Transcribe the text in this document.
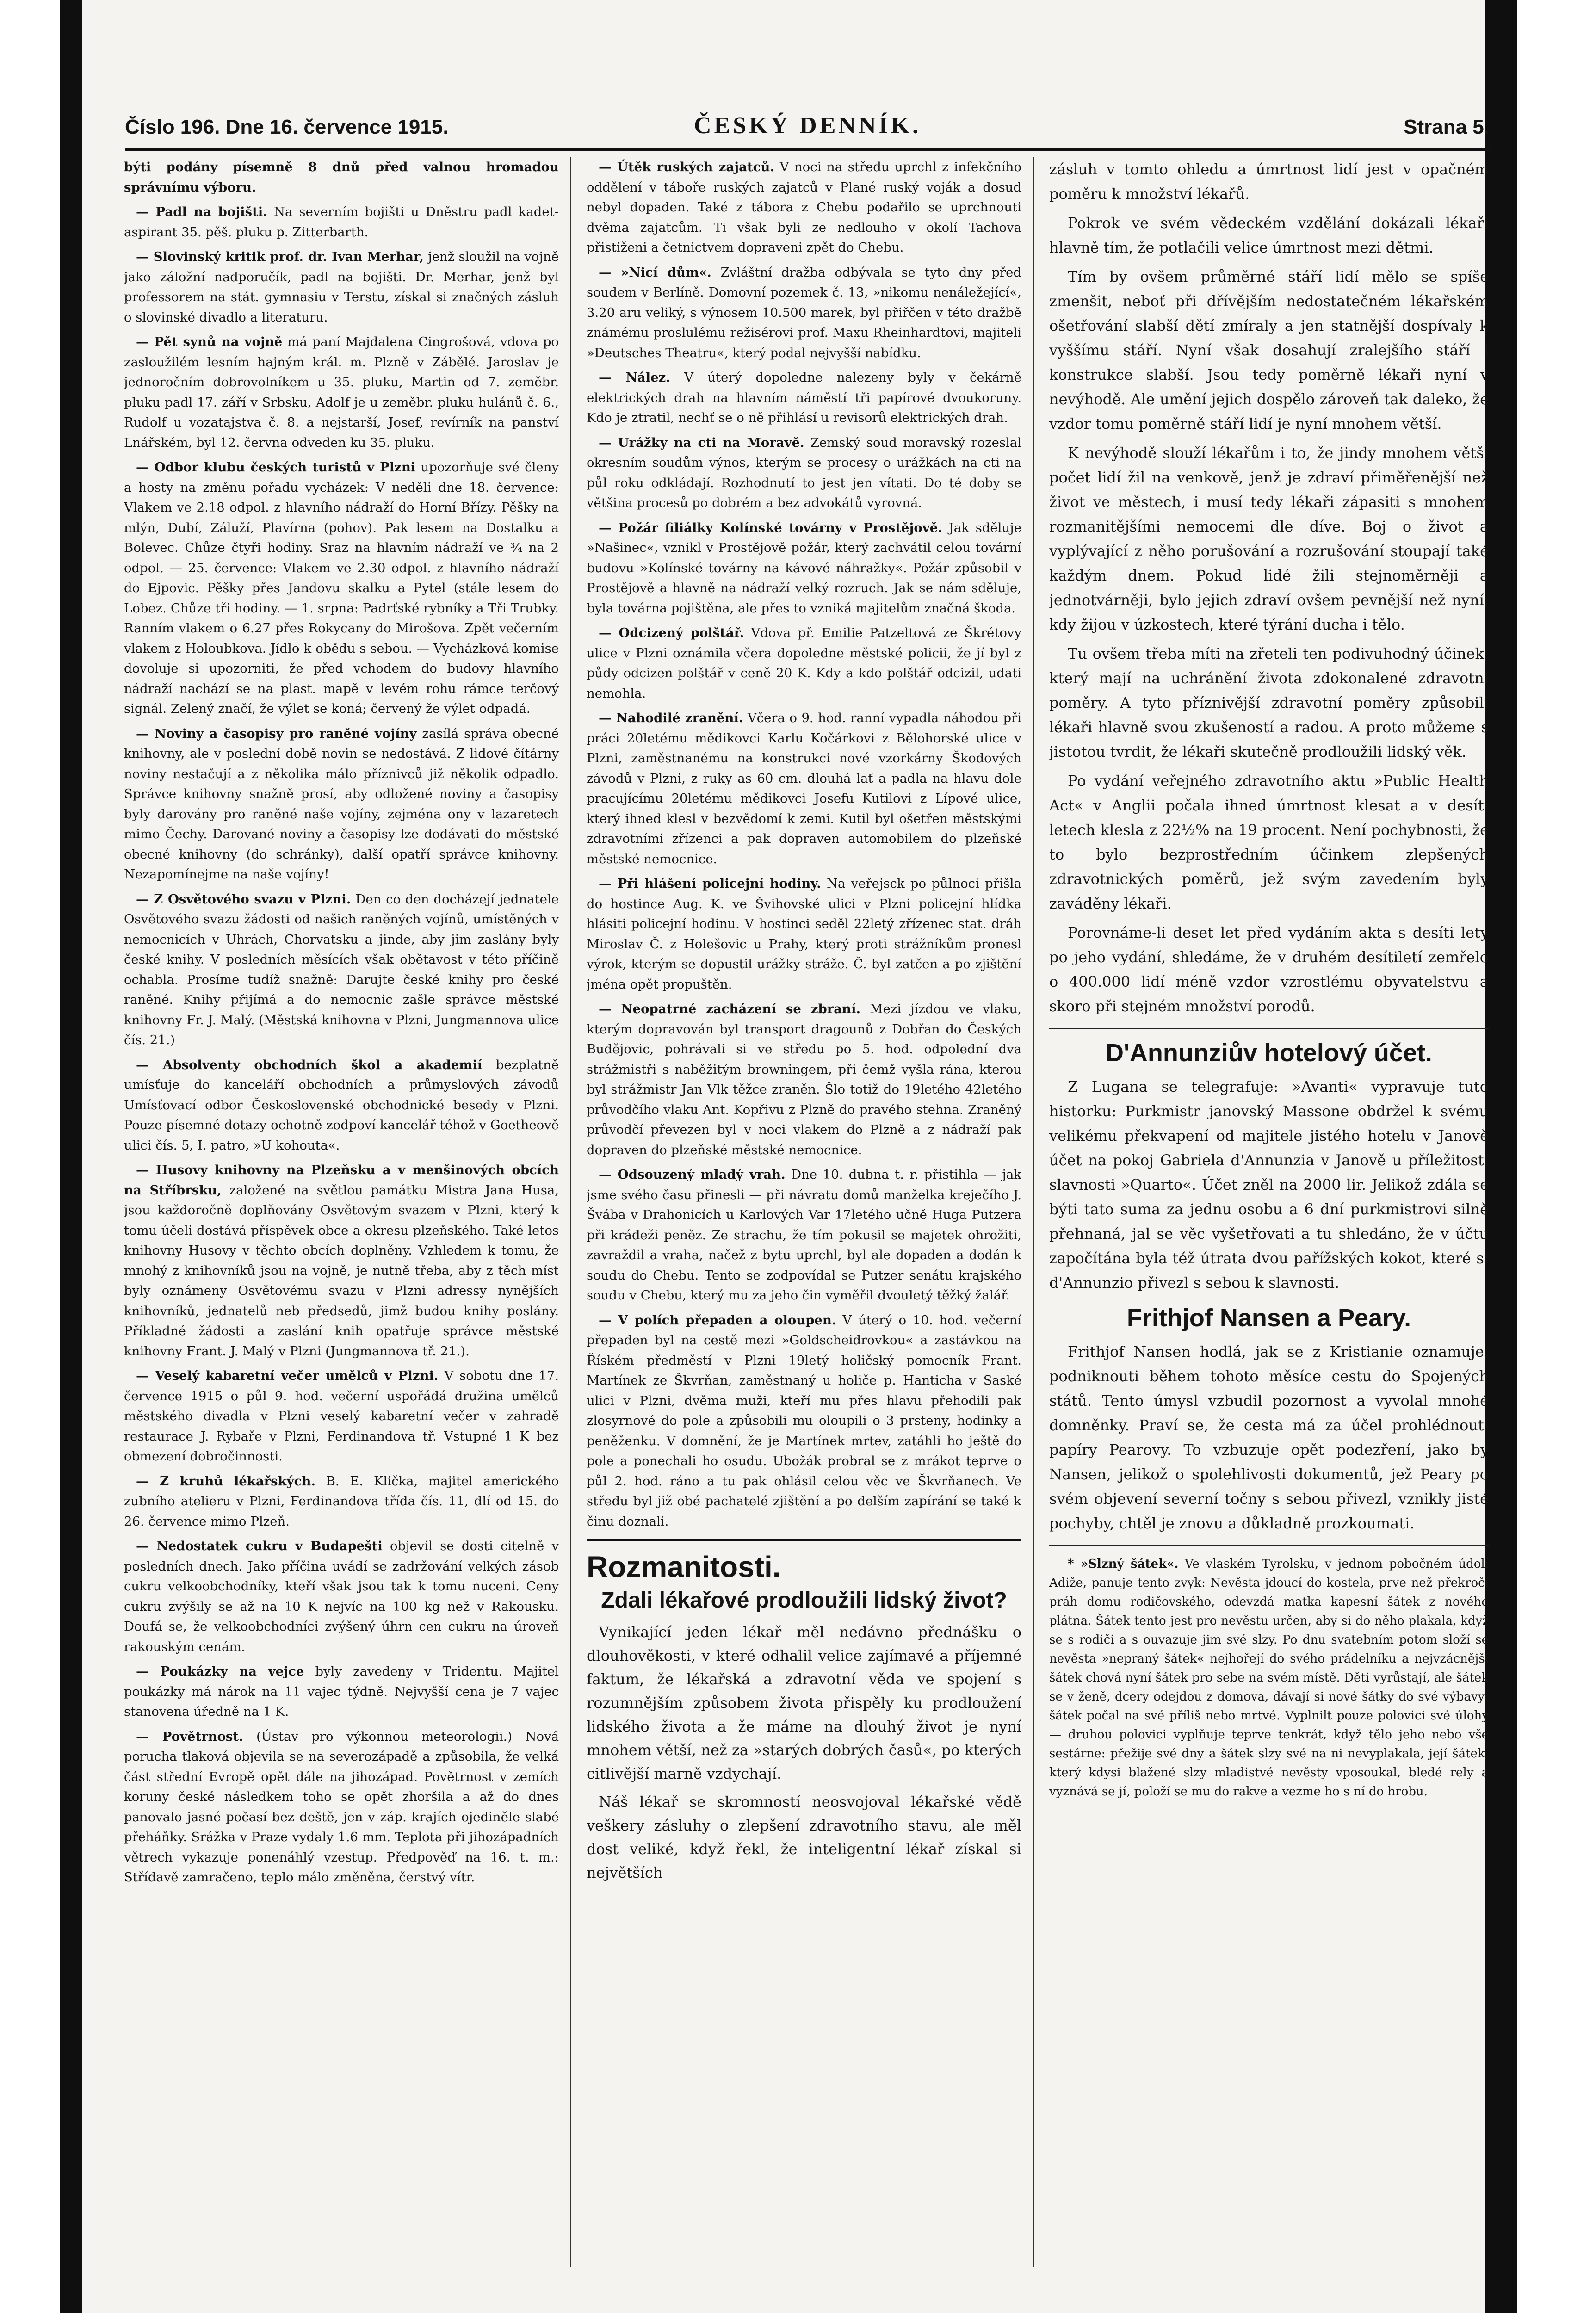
Číslo 196. Dne 16. července 1915.	ČESKÝ DENNÍK.	Strana 5.

býti podány písemně 8 dnů před valnou hromadou správnímu výboru.

— Padl na bojišti. Na severním bojišti u Dněstru padl kadet-aspirant 35. pěš. pluku p. Zitterbarth.

— Slovinský kritik prof. dr. Ivan Merhar, jenž sloužil na vojně jako záložní nadporučík, padl na bojišti. Dr. Merhar, jenž byl professorem na stát. gymnasiu v Terstu, získal si značných zásluh o slovinské divadlo a literaturu.

— Pět synů na vojně má paní Majdalena Cingrošová, vdova po zasloužilém lesním hajným král. m. Plzně v Zábělé. Jaroslav je jednoročním dobrovolníkem u 35. pluku, Martin od 7. zeměbr. pluku padl 17. září v Srbsku, Adolf je u zeměbr. pluku hulánů č. 6., Rudolf u vozatajstva č. 8. a nejstarší, Josef, revírník na panství Lnářském, byl 12. června odveden ku 35. pluku.

— Odbor klubu českých turistů v Plzni upozorňuje své členy a hosty na změnu pořadu vycházek: V neděli dne 18. července: Vlakem ve 2.18 odpol. z hlavního nádraží do Horní Břízy. Pěšky na mlýn, Dubí, Záluží, Plavírna (pohov). Pak lesem na Dostalku a Bolevec. Chůze čtyři hodiny. Sraz na hlavním nádraží ve ¾ na 2 odpol. — 25. července: Vlakem ve 2.30 odpol. z hlavního nádraží do Ejpovic. Pěšky přes Jandovu skalku a Pytel (stále lesem do Lobez. Chůze tři hodiny. — 1. srpna: Padrťské rybníky a Tři Trubky. Ranním vlakem o 6.27 přes Rokycany do Mirošova. Zpět večerním vlakem z Holoubkova. Jídlo k obědu s sebou. — Vycházková komise dovoluje si upozorniti, že před vchodem do budovy hlavního nádraží nachází se na plast. mapě v levém rohu rámce terčový signál. Zelený značí, že výlet se koná; červený že výlet odpadá.

— Noviny a časopisy pro raněné vojíny zasílá správa obecné knihovny, ale v poslední době novin se nedostává. Z lidové čítárny noviny nestačují a z několika málo příznivců již několik odpadlo. Správce knihovny snažně prosí, aby odložené noviny a časopisy byly darovány pro raněné naše vojíny, zejména ony v lazaretech mimo Čechy. Darované noviny a časopisy lze dodávati do městské obecné knihovny (do schránky), další opatří správce knihovny. Nezapomínejme na naše vojíny!

— Z Osvětového svazu v Plzni. Den co den docházejí jednatele Osvětového svazu žádosti od našich raněných vojínů, umístěných v nemocnicích v Uhrách, Chorvatsku a jinde, aby jim zaslány byly české knihy. V posledních měsících však obětavost v této příčině ochabla. Prosíme tudíž snažně: Darujte české knihy pro české raněné. Knihy přijímá a do nemocnic zašle správce městské knihovny Fr. J. Malý. (Městská knihovna v Plzni, Jungmannova ulice čís. 21.)

— Absolventy obchodních škol a akademií bezplatně umísťuje do kanceláří obchodních a průmyslových závodů Umísťovací odbor Československé obchodnické besedy v Plzni. Pouze písemné dotazy ochotně zodpoví kancelář téhož v Goetheově ulici čís. 5, I. patro, »U kohouta«.

— Husovy knihovny na Plzeňsku a v menšinových obcích na Stříbrsku, založené na světlou památku Mistra Jana Husa, jsou každoročně doplňovány Osvětovým svazem v Plzni, který k tomu účeli dostává příspěvek obce a okresu plzeňského. Také letos knihovny Husovy v těchto obcích doplněny. Vzhledem k tomu, že mnohý z knihovníků jsou na vojně, je nutně třeba, aby z těch míst byly oznámeny Osvětovému svazu v Plzni adressy nynějších knihovníků, jednatelů neb předsedů, jimž budou knihy poslány. Příkladné žádosti a zaslání knih opatřuje správce městské knihovny Frant. J. Malý v Plzni (Jungmannova tř. 21.).

— Veselý kabaretní večer umělců v Plzni. V sobotu dne 17. července 1915 o půl 9. hod. večerní uspořádá družina umělců městského divadla v Plzni veselý kabaretní večer v zahradě restaurace J. Rybaře v Plzni, Ferdinandova tř. Vstupné 1 K bez obmezení dobročinnosti.

— Z kruhů lékařských. B. E. Klička, majitel amerického zubního atelieru v Plzni, Ferdinandova třída čís. 11, dlí od 15. do 26. července mimo Plzeň.

— Nedostatek cukru v Budapešti objevil se dosti citelně v posledních dnech. Jako příčina uvádí se zadržování velkých zásob cukru velkoobchodníky, kteří však jsou tak k tomu nuceni. Ceny cukru zvýšily se až na 10 K nejvíc na 100 kg než v Rakousku. Doufá se, že velkoobchodníci zvýšený úhrn cen cukru na úroveň rakouským cenám.

— Poukázky na vejce byly zavedeny v Tridentu. Majitel poukázky má nárok na 11 vajec týdně. Nejvyšší cena je 7 vajec stanovena úředně na 1 K.

— Povětrnost. (Ústav pro výkonnou meteorologii.) Nová porucha tlaková objevila se na severozápadě a způsobila, že velká část střední Evropě opět dále na jihozápad. Povětrnost v zemích koruny české následkem toho se opět zhoršila a až do dnes panovalo jasné počasí bez deště, jen v záp. krajích ojediněle slabé přeháňky. Srážka v Praze vydaly 1.6 mm. Teplota při jihozápadních větrech vykazuje ponenáhlý vzestup. Předpověď na 16. t. m.: Střídavě zamračeno, teplo málo změněna, čerstvý vítr.

— Útěk ruských zajatců. V noci na středu uprchl z infekčního oddělení v táboře ruských zajatců v Plané ruský voják a dosud nebyl dopaden. Také z tábora z Chebu podařilo se uprchnouti dvěma zajatcům. Ti však byli ze nedlouho v okolí Tachova přistiženi a četnictvem dopraveni zpět do Chebu.

— »Nicí dům«. Zvláštní dražba odbývala se tyto dny před soudem v Berlíně. Domovní pozemek č. 13, »nikomu nenáležející«, 3.20 aru veliký, s výnosem 10.500 marek, byl přiřčen v této dražbě známému proslulému režisérovi prof. Maxu Rheinhardtovi, majiteli »Deutsches Theatru«, který podal nejvyšší nabídku.

— Nález. V úterý dopoledne nalezeny byly v čekárně elektrických drah na hlavním náměstí tři papírové dvoukoruny. Kdo je ztratil, nechť se o ně přihlásí u revisorů elektrických drah.

— Urážky na cti na Moravě. Zemský soud moravský rozeslal okresním soudům výnos, kterým se procesy o urážkách na cti na půl roku odkládají. Rozhodnutí to jest jen vítati. Do té doby se většina procesů po dobrém a bez advokátů vyrovná.

— Požár filiálky Kolínské továrny v Prostějově. Jak sděluje »Našinec«, vznikl v Prostějově požár, který zachvátil celou tovární budovu »Kolínské továrny na kávové náhražky«. Požár způsobil v Prostějově a hlavně na nádraží velký rozruch. Jak se nám sděluje, byla továrna pojištěna, ale přes to vzniká majitelům značná škoda.

— Odcizený polštář. Vdova př. Emilie Patzeltová ze Škrétovy ulice v Plzni oznámila včera dopoledne městské policii, že jí byl z půdy odcizen polštář v ceně 20 K. Kdy a kdo polštář odcizil, udati nemohla.

— Nahodilé zranění. Včera o 9. hod. ranní vypadla náhodou při práci 20letému mědikovci Karlu Kočárkovi z Bělohorské ulice v Plzni, zaměstnanému na konstrukci nové vzorkárny Škodových závodů v Plzni, z ruky as 60 cm. dlouhá lať a padla na hlavu dole pracujícímu 20letému mědikovci Josefu Kutilovi z Lípové ulice, který ihned klesl v bezvědomí k zemi. Kutil byl ošetřen městskými zdravotními zřízenci a pak dopraven automobilem do plzeňské městské nemocnice.

— Při hlášení policejní hodiny. Na veřejsck po půlnoci přišla do hostince Aug. K. ve Švihovské ulici v Plzni policejní hlídka hlásiti policejní hodinu. V hostinci seděl 22letý zřízenec stat. dráh Miroslav Č. z Holešovic u Prahy, který proti strážníkům pronesl výrok, kterým se dopustil urážky stráže. Č. byl zatčen a po zjištění jména opět propuštěn.

— Neopatrné zacházení se zbraní. Mezi jízdou ve vlaku, kterým dopravován byl transport dragounů z Dobřan do Českých Budějovic, pohrávali si ve středu po 5. hod. odpolední dva strážmistři s naběžitým browningem, při čemž vyšla rána, kterou byl strážmistr Jan Vlk těžce zraněn. Šlo totiž do 19letého 42letého průvodčího vlaku Ant. Kopřivu z Plzně do pravého stehna. Zraněný průvodčí převezen byl v noci vlakem do Plzně a z nádraží pak dopraven do plzeňské městské nemocnice.

— Odsouzený mladý vrah. Dne 10. dubna t. r. přistihla — jak jsme svého času přinesli — při návratu domů manželka kreječího J. Švába v Drahonicích u Karlových Var 17letého učně Huga Putzera při krádeži peněz. Ze strachu, že tím pokusil se majetek ohrožiti, zavraždil a vraha, načež z bytu uprchl, byl ale dopaden a dodán k soudu do Chebu. Tento se zodpovídal se Putzer senátu krajského soudu v Chebu, který mu za jeho čin vyměřil dvouletý těžký žalář.

— V polích přepaden a oloupen. V úterý o 10. hod. večerní přepaden byl na cestě mezi »Goldscheidrovkou« a zastávkou na Říském předměstí v Plzni 19letý holičský pomocník Frant. Martínek ze Škvrňan, zaměstnaný u holiče p. Hantichа v Saské ulici v Plzni, dvěma muži, kteří mu přes hlavu přehodili pak zlosyrnové do pole a způsobili mu oloupili o 3 prsteny, hodinky a peněženku. V domnění, že je Martínek mrtev, zatáhli ho ještě do pole a ponechali ho osudu. Ubožák probral se z mrákot teprve o půl 2. hod. ráno a tu pak ohlásil celou věc ve Škvrňanech. Ve středu byl již obé pachatelé zjištění a po delším zapírání se také k činu doznali.

Rozmanitosti.
Zdali lékařové prodloužili lidský život?

Vynikající jeden lékař měl nedávno přednášku o dlouhověkosti, v které odhalil velice zajímavé a příjemné faktum, že lékařská a zdravotní věda ve spojení s rozumnějším způsobem života přispěly ku prodloužení lidského života a že máme na dlouhý život je nyní mnohem větší, než za »starých dobrých časů«, po kterých citlivější marně vzdychají.

Náš lékař se skromností neosvojoval lékařské vědě veškery zásluhy o zlepšení zdravotního stavu, ale měl dost veliké, když řekl, že inteligentní lékař získal si největších

zásluh v tomto ohledu a úmrtnost lidí jest v opačném poměru k množství lékařů.

Pokrok ve svém vědeckém vzdělání dokázali lékaři hlavně tím, že potlačili velice úmrtnost mezi dětmi.

Tím by ovšem průměrné stáří lidí mělo se spíše zmenšit, neboť při dřívějším nedostatečném lékařském ošetřování slabší dětí zmíraly a jen statnější dospívaly k vyššímu stáří. Nyní však dosahují zralejšího stáří i konstrukce slabší. Jsou tedy poměrně lékaři nyní v nevýhodě. Ale umění jejich dospělo zároveň tak daleko, že vzdor tomu poměrně stáří lidí je nyní mnohem větší.

K nevýhodě slouží lékařům i to, že jindy mnohem větší počet lidí žil na venkově, jenž je zdraví přiměřenější než život ve městech, i musí tedy lékaři zápasiti s mnohem rozmanitějšími nemocemi dle díve. Boj o život a vyplývající z něho porušování a rozrušování stoupají také každým dnem. Pokud lidé žili stejnoměrněji a jednotvárněji, bylo jejich zdraví ovšem pevnější než nyní, kdy žijou v úzkostech, které týrání ducha i tělo.

Tu ovšem třeba míti na zřeteli ten podivuhodný účinek, který mají na uchránění života zdokonalené zdravotní poměry. A tyto příznivější zdravotní poměry způsobili lékaři hlavně svou zkušeností a radou. A proto můžeme s jistotou tvrdit, že lékaři skutečně prodloužili lidský věk.

Po vydání veřejného zdravotního aktu »Public Health Act« v Anglii počala ihned úmrtnost klesat a v desíti letech klesla z 22½% na 19 procent. Není pochybnosti, že to bylo bezprostředním účinkem zlepšených zdravotnických poměrů, jež svým zavedením byly zaváděny lékaři.

Porovnáme-li deset let před vydáním akta s desíti lety po jeho vydání, shledáme, že v druhém desítiletí zemřelo o 400.000 lidí méně vzdor vzrostlému obyvatelstvu a skoro při stejném množství porodů.

D'Annunziův hotelový účet.

Z Lugana se telegrafuje: »Avanti« vypravuje tuto historku: Purkmistr janovský Massone obdržel k svému velikému překvapení od majitele jistého hotelu v Janově účet na pokoj Gabriela d'Annunzia v Janově u příležitosti slavnosti »Quarto«. Účet zněl na 2000 lir. Jelikož zdála se býti tato suma za jednu osobu a 6 dní purkmistrovi silně přehnaná, jal se věc vyšetřovati a tu shledáno, že v účtu započítána byla též útrata dvou pařížských kokot, které si d'Annunzio přivezl s sebou k slavnosti.

Frithjof Nansen a Peary.

Frithjof Nansen hodlá, jak se z Kristianie oznamuje, podniknouti během tohoto měsíce cestu do Spojených států. Tento úmysl vzbudil pozornost a vyvolal mnohé domněnky. Praví se, že cesta má za účel prohlédnouti papíry Pearovy. To vzbuzuje opět podezření, jako by Nansen, jelikož o spolehlivosti dokumentů, jež Peary po svém objevení severní točny s sebou přivezl, vznikly jisté pochyby, chtěl je znovu a důkladně prozkoumati.

* »Slzný šátek«. Ve vlaském Tyrolsku, v jednom pobočném údolí Adiže, panuje tento zvyk: Nevěsta jdoucí do kostela, prve než překročí práh domu rodičovského, odevzdá matka kapesní šátek z nového plátna. Šátek tento jest pro nevěstu určen, aby si do něho plakala, když se s rodiči a s ouvazuje jim své slzy. Po dnu svatebním potom složí se nevěsta »nepraný šátek« nejhořejí do svého prádelníku a nejvzácnější šátek chová nyní šátek pro sebe na svém místě. Děti vyrůstají, ale šátek se v ženě, dcery odejdou z domova, dávají si nové šátky do své výbavy: šátek počal na své příliš nebo mrtvé. Vyplnilt pouze polovici své úlohy — druhou polovici vyplňuje teprve tenkrát, když tělo jeho nebo vše sestárne: přežije své dny a šátek slzy své na ni nevyplakala, její šátek, který kdysi blažené slzy mladistvé nevěsty vposoukal, bledé rely a vyznává se jí, položí se mu do rakve a vezme ho s ní do hrobu.
